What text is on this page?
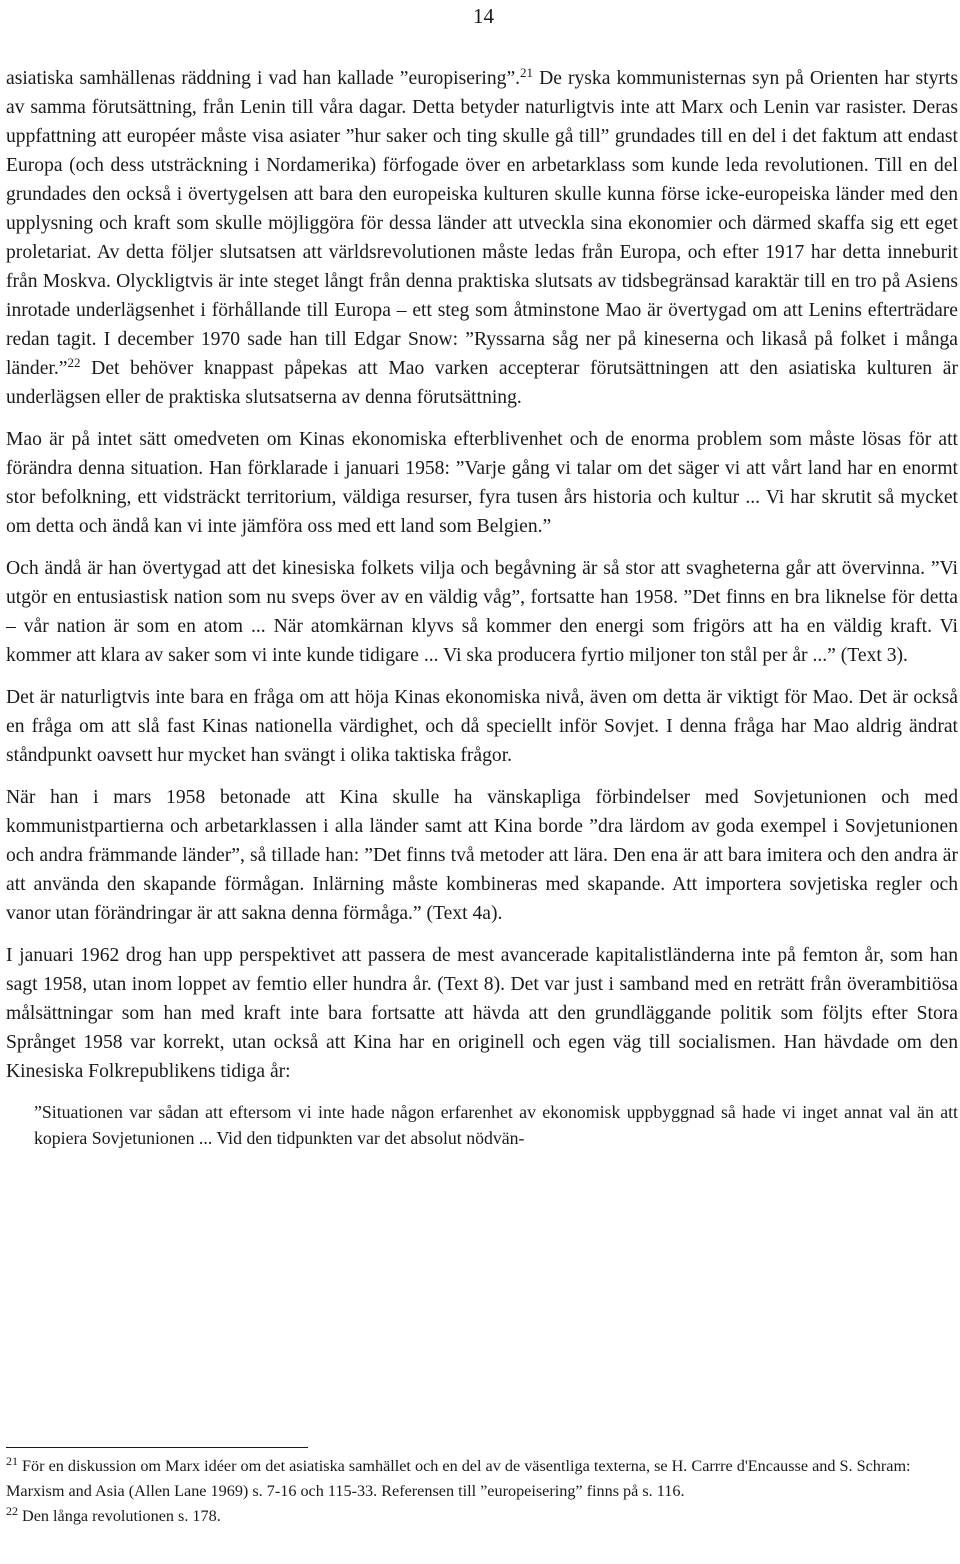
14

asiatiska samhällenas räddning i vad han kallade ”europisering”.$^{21}$ De ryska kommunisternas syn på Orienten har styrts av samma förutsättning, från Lenin till våra dagar. Detta betyder naturligtvis inte att Marx och Lenin var rasister. Deras uppfattning att européer måste visa asiater ”hur saker och ting skulle gå till” grundades till en del i det faktum att endast Europa (och dess utsträckning i Nordamerika) förfogade över en arbetarklass som kunde leda revolutionen. Till en del grundades den också i övertygelsen att bara den europeiska kulturen skulle kunna förse icke-europeiska länder med den upplysning och kraft som skulle möjliggöra för dessa länder att utveckla sina ekonomier och därmed skaffa sig ett eget proletariat. Av detta följer slutsatsen att världsrevolutionen måste ledas från Europa, och efter 1917 har detta inneburit från Moskva. Olyckligtvis är inte steget långt från denna praktiska slutsats av tidsbegränsad karaktär till en tro på Asiens inrotade underlägsenhet i förhållande till Europa – ett steg som åtminstone Mao är övertygad om att Lenins efterträdare redan tagit. I december 1970 sade han till Edgar Snow: ”Ryssarna såg ner på kineserna och likaså på folket i många länder.”$^{22}$ Det behöver knappast påpekas att Mao varken accepterar förutsättningen att den asiatiska kulturen är underlägsen eller de praktiska slutsatserna av denna förutsättning.

Mao är på intet sätt omedveten om Kinas ekonomiska efterblivenhet och de enorma problem som måste lösas för att förändra denna situation. Han förklarade i januari 1958: ”Varje gång vi talar om det säger vi att vårt land har en enormt stor befolkning, ett vidsträckt territorium, väldiga resurser, fyra tusen års historia och kultur ... Vi har skrutit så mycket om detta och ändå kan vi inte jämföra oss med ett land som Belgien.”

Och ändå är han övertygad att det kinesiska folkets vilja och begåvning är så stor att svagheterna går att övervinna. ”Vi utgör en entusiastisk nation som nu sveps över av en väldig våg”, fortsatte han 1958. ”Det finns en bra liknelse för detta – vår nation är som en atom ... När atomkärnan klyvs så kommer den energi som frigörs att ha en väldig kraft. Vi kommer att klara av saker som vi inte kunde tidigare ... Vi ska producera fyrtio miljoner ton stål per år ...” (Text 3).

Det är naturligtvis inte bara en fråga om att höja Kinas ekonomiska nivå, även om detta är viktigt för Mao. Det är också en fråga om att slå fast Kinas nationella värdighet, och då speciellt inför Sovjet. I denna fråga har Mao aldrig ändrat ståndpunkt oavsett hur mycket han svängt i olika taktiska frågor.

När han i mars 1958 betonade att Kina skulle ha vänskapliga förbindelser med Sovjetunionen och med kommunistpartierna och arbetarklassen i alla länder samt att Kina borde ”dra lärdom av goda exempel i Sovjetunionen och andra främmande länder”, så tillade han: ”Det finns två metoder att lära. Den ena är att bara imitera och den andra är att använda den skapande förmågan. Inlärning måste kombineras med skapande. Att importera sovjetiska regler och vanor utan förändringar är att sakna denna förmåga.” (Text 4a).

I januari 1962 drog han upp perspektivet att passera de mest avancerade kapitalistländerna inte på femton år, som han sagt 1958, utan inom loppet av femtio eller hundra år. (Text 8). Det var just i samband med en reträtt från överambitiösa målsättningar som han med kraft inte bara fortsatte att hävda att den grundläggande politik som följts efter Stora Språnget 1958 var korrekt, utan också att Kina har en originell och egen väg till socialismen. Han hävdade om den Kinesiska Folkrepublikens tidiga år:

”Situationen var sådan att eftersom vi inte hade någon erfarenhet av ekonomisk uppbyggnad så hade vi inget annat val än att kopiera Sovjetunionen ... Vid den tidpunkten var det absolut nödvän-

$^{21}$ För en diskussion om Marx idéer om det asiatiska samhället och en del av de väsentliga texterna, se H. Carrre d'Encausse and S. Schram: Marxism and Asia (Allen Lane 1969) s. 7-16 och 115-33. Referensen till ”europeisering” finns på s. 116.

$^{22}$ Den långa revolutionen s. 178.
